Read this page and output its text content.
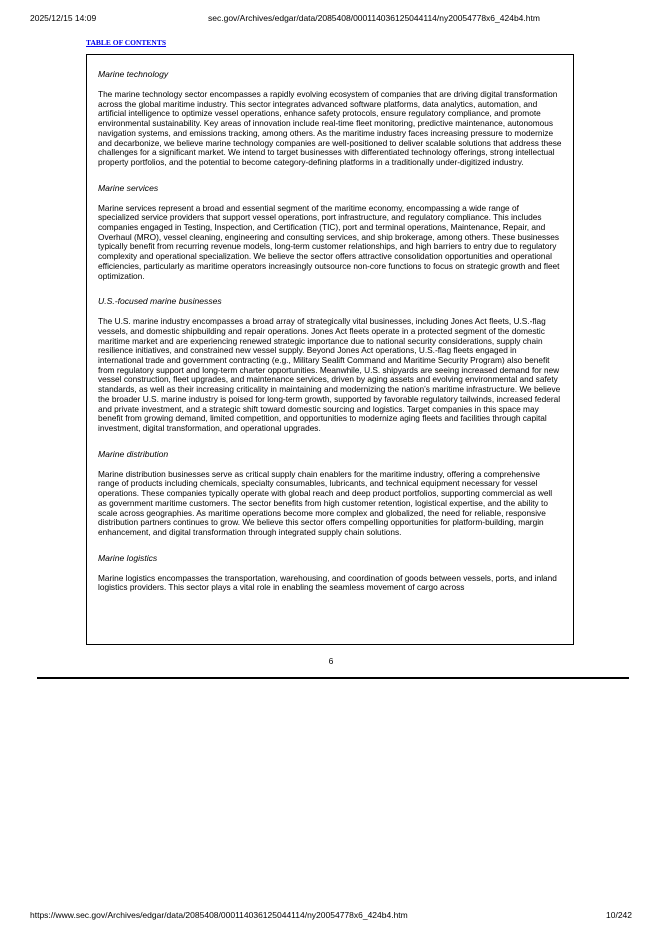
2025/12/15 14:09	sec.gov/Archives/edgar/data/2085408/000114036125044114/ny20054778x6_424b4.htm
TABLE OF CONTENTS

Marine technology

The marine technology sector encompasses a rapidly evolving ecosystem of companies that are driving digital transformation across the global maritime industry. This sector integrates advanced software platforms, data analytics, automation, and artificial intelligence to optimize vessel operations, enhance safety protocols, ensure regulatory compliance, and promote environmental sustainability. Key areas of innovation include real-time fleet monitoring, predictive maintenance, autonomous navigation systems, and emissions tracking, among others. As the maritime industry faces increasing pressure to modernize and decarbonize, we believe marine technology companies are well-positioned to deliver scalable solutions that address these challenges for a significant market. We intend to target businesses with differentiated technology offerings, strong intellectual property portfolios, and the potential to become category-defining platforms in a traditionally under-digitized industry.

Marine services

Marine services represent a broad and essential segment of the maritime economy, encompassing a wide range of specialized service providers that support vessel operations, port infrastructure, and regulatory compliance. This includes companies engaged in Testing, Inspection, and Certification (TIC), port and terminal operations, Maintenance, Repair, and Overhaul (MRO), vessel cleaning, engineering and consulting services, and ship brokerage, among others. These businesses typically benefit from recurring revenue models, long-term customer relationships, and high barriers to entry due to regulatory complexity and operational specialization. We believe the sector offers attractive consolidation opportunities and operational efficiencies, particularly as maritime operators increasingly outsource non-core functions to focus on strategic growth and fleet optimization.

U.S.-focused marine businesses

The U.S. marine industry encompasses a broad array of strategically vital businesses, including Jones Act fleets, U.S.-flag vessels, and domestic shipbuilding and repair operations. Jones Act fleets operate in a protected segment of the domestic maritime market and are experiencing renewed strategic importance due to national security considerations, supply chain resilience initiatives, and constrained new vessel supply. Beyond Jones Act operations, U.S.-flag fleets engaged in international trade and government contracting (e.g., Military Sealift Command and Maritime Security Program) also benefit from regulatory support and long-term charter opportunities. Meanwhile, U.S. shipyards are seeing increased demand for new vessel construction, fleet upgrades, and maintenance services, driven by aging assets and evolving environmental and safety standards, as well as their increasing criticality in maintaining and modernizing the nation’s maritime infrastructure. We believe the broader U.S. marine industry is poised for long-term growth, supported by favorable regulatory tailwinds, increased federal and private investment, and a strategic shift toward domestic sourcing and logistics. Target companies in this space may benefit from growing demand, limited competition, and opportunities to modernize aging fleets and facilities through capital investment, digital transformation, and operational upgrades.

Marine distribution

Marine distribution businesses serve as critical supply chain enablers for the maritime industry, offering a comprehensive range of products including chemicals, specialty consumables, lubricants, and technical equipment necessary for vessel operations. These companies typically operate with global reach and deep product portfolios, supporting commercial as well as government maritime customers. The sector benefits from high customer retention, logistical expertise, and the ability to scale across geographies. As maritime operations become more complex and globalized, the need for reliable, responsive distribution partners continues to grow. We believe this sector offers compelling opportunities for platform-building, margin enhancement, and digital transformation through integrated supply chain solutions.

Marine logistics

Marine logistics encompasses the transportation, warehousing, and coordination of goods between vessels, ports, and inland logistics providers. This sector plays a vital role in enabling the seamless movement of cargo across

6
https://www.sec.gov/Archives/edgar/data/2085408/000114036125044114/ny20054778x6_424b4.htm	10/242
